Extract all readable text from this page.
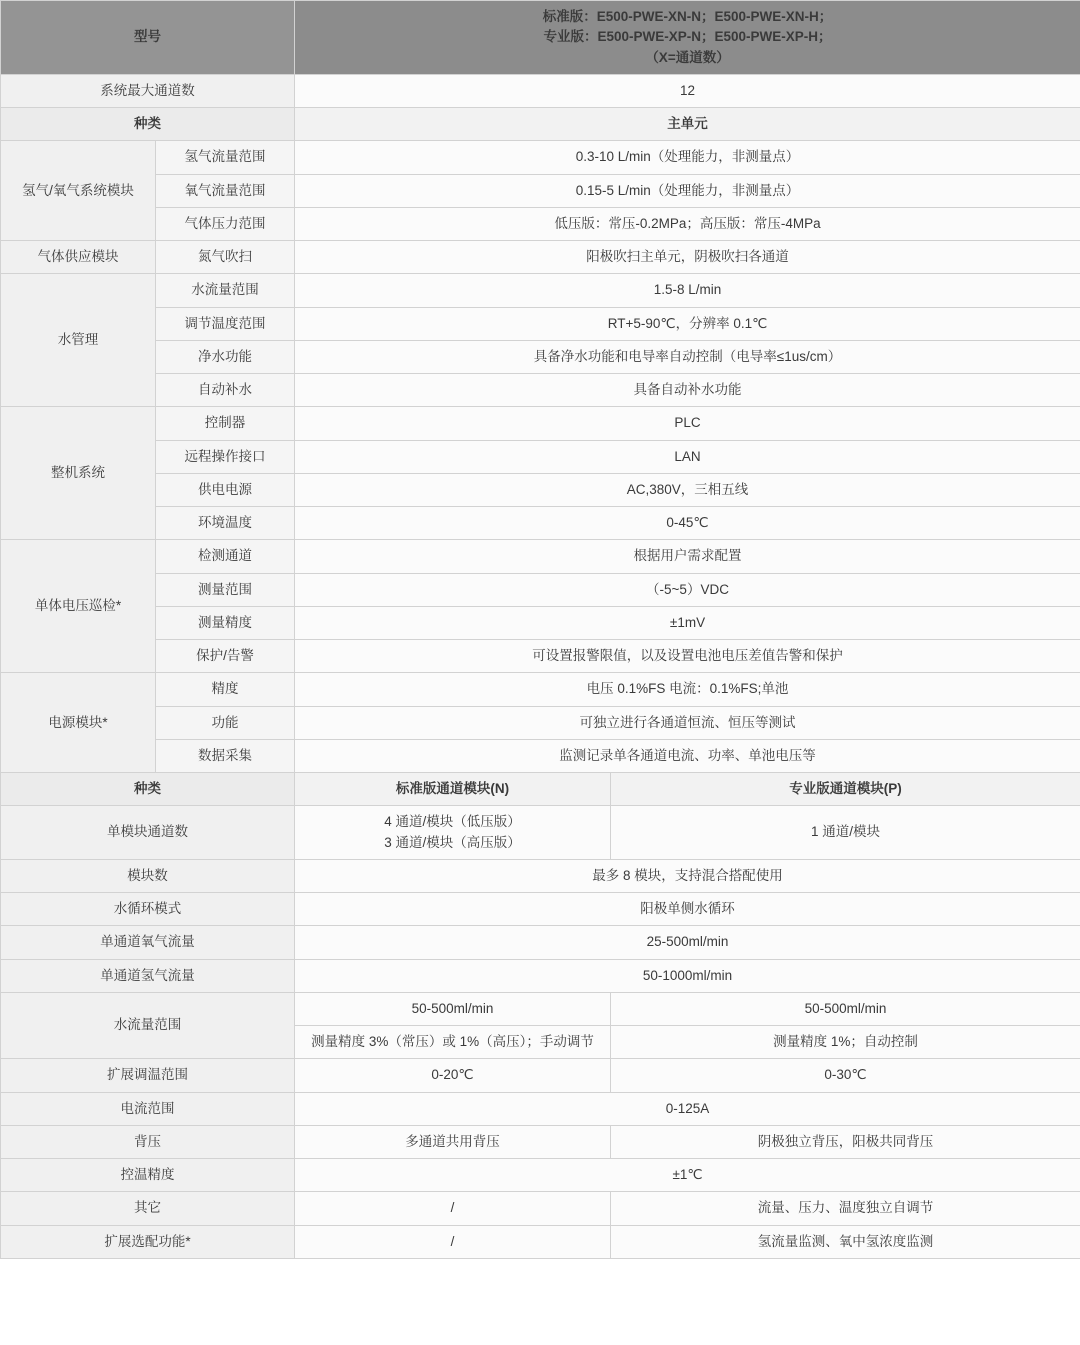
型号		标准版：E500-PWE-XN-N；E500-PWE-XN-H；
专业版：E500-PWE-XP-N；E500-PWE-XP-H；
（X=通道数）	

系统最大通道数		12	
种类		主单元	
氢气/氧气系统模块	氢气流量范围	0.3-10 L/min（处理能力，非测量点）	
	氧气流量范围	0.15-5 L/min（处理能力，非测量点）	
	气体压力范围	低压版：常压-0.2MPa；高压版：常压-4MPa	
气体供应模块	氮气吹扫	阳极吹扫主单元，阴极吹扫各通道	
水管理	水流量范围	1.5-8 L/min	
	调节温度范围	RT+5-90℃，分辨率 0.1℃	
	净水功能	具备净水功能和电导率自动控制（电导率≤1us/cm）	
	自动补水	具备自动补水功能	
整机系统	控制器	PLC	
	远程操作接口	LAN	
	供电电源	AC,380V，三相五线	
	环境温度	0-45℃	
单体电压巡检*	检测通道	根据用户需求配置	
	测量范围	（-5~5）VDC	
	测量精度	±1mV	
	保护/告警	可设置报警限值，以及设置电池电压差值告警和保护	
电源模块*	精度	电压 0.1%FS 电流：0.1%FS;单池	
	功能	可独立进行各通道恒流、恒压等测试	
	数据采集	监测记录单各通道电流、功率、单池电压等	
种类		标准版通道模块(N)	专业版通道模块(P)
单模块通道数		4 通道/模块（低压版）
3 通道/模块（高压版）	1 通道/模块
模块数		最多 8 模块，支持混合搭配使用	
水循环模式		阳极单侧水循环	
单通道氧气流量		25-500ml/min	
单通道氢气流量		50-1000ml/min	
水流量范围		50-500ml/min	50-500ml/min
		测量精度 3%（常压）或 1%（高压）；手动调节	测量精度 1%；自动控制
扩展调温范围		0-20℃	0-30℃
电流范围		0-125A	
背压		多通道共用背压	阴极独立背压，阳极共同背压
控温精度		±1℃	
其它		/	流量、压力、温度独立自调节
扩展选配功能*		/	氢流量监测、氧中氢浓度监测
